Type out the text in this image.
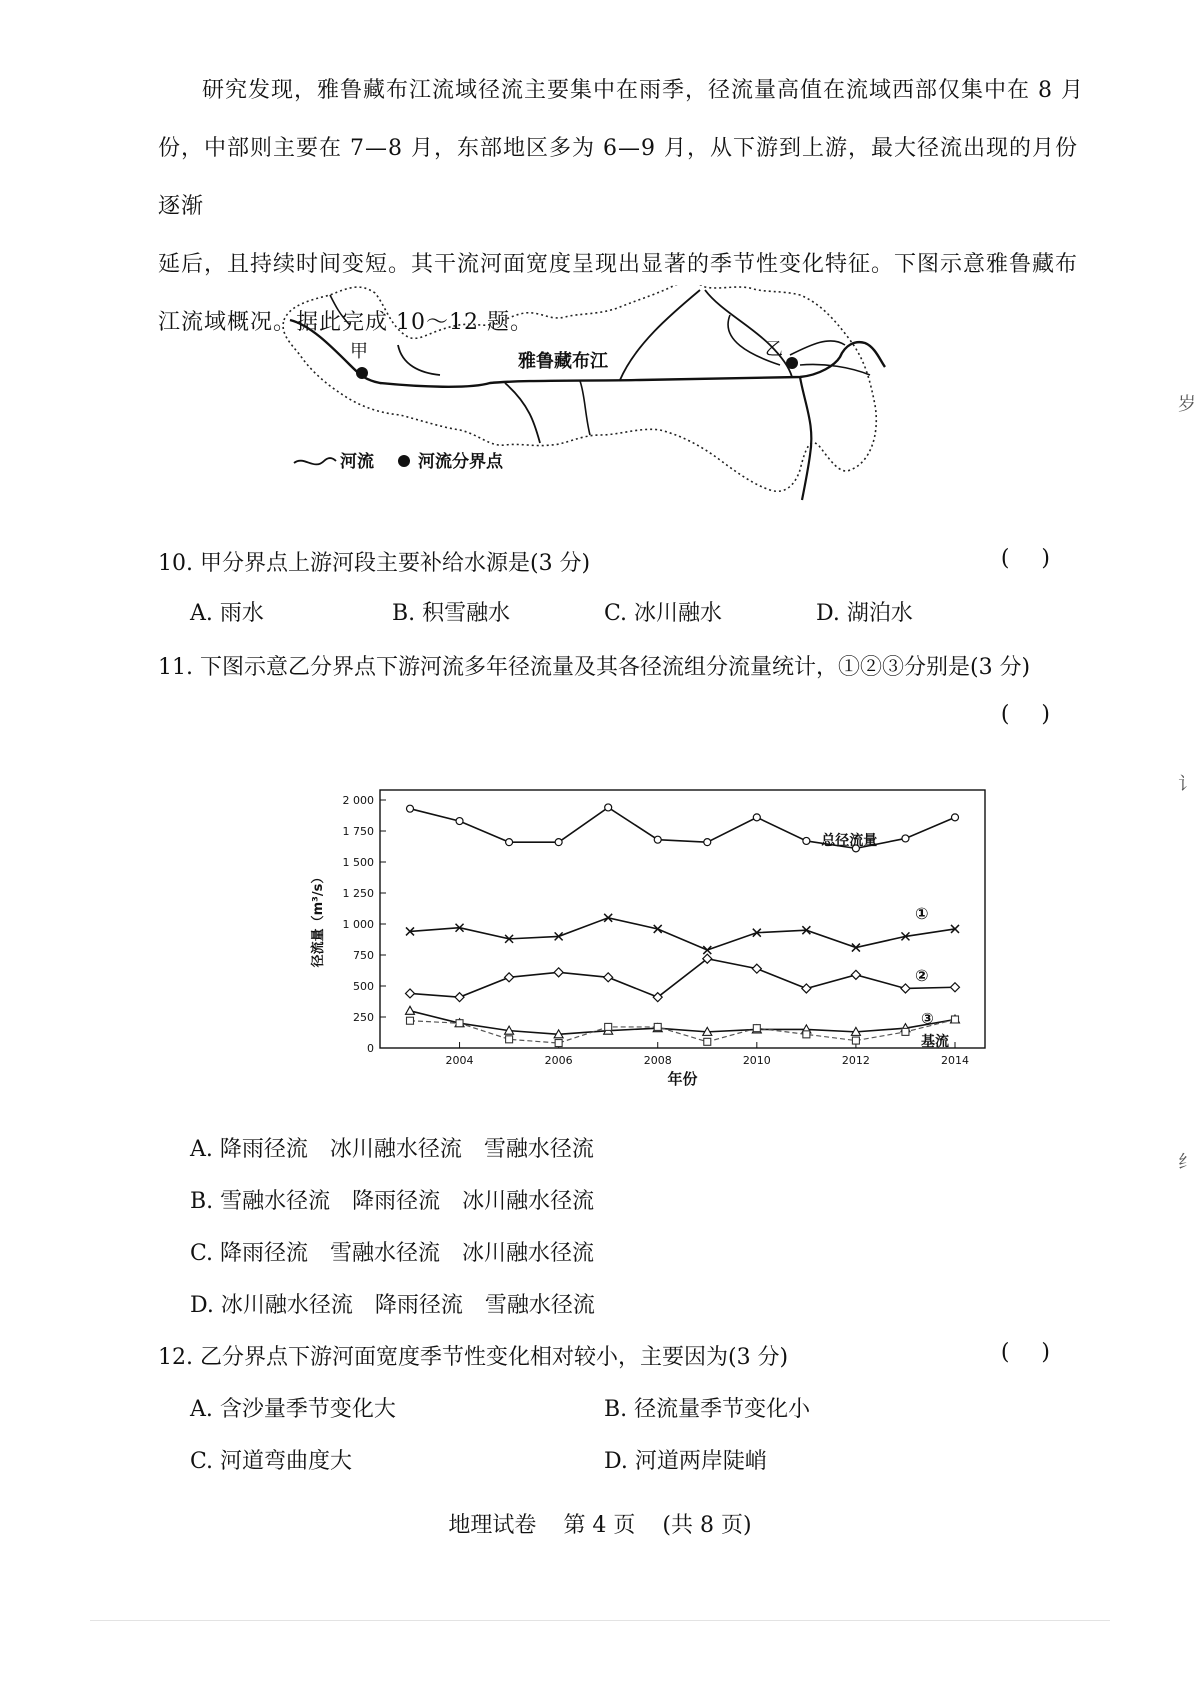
研究发现，雅鲁藏布江流域径流主要集中在雨季，径流量高值在流域西部仅集中在 8 月

份，中部则主要在 7—8 月，东部地区多为 6—9 月，从下游到上游，最大径流出现的月份逐渐

延后，且持续时间变短。其干流河面宽度呈现出显著的季节性变化特征。下图示意雅鲁藏布

江流域概况。据此完成 10～12 题。

甲	乙
雅鲁藏布江
河流	河流分界点
10. 甲分界点上游河段主要补给水源是(3 分)	()
A. 雨水	B. 积雪融水	C. 冰川融水	D. 湖泊水
11. 下图示意乙分界点下游河流多年径流量及其各径流组分流量统计，①②③分别是(3 分)
()
0
250
500
750
1 000
1 250
1 500
1 750
2 000
2004	2006	2008	2010	2012	2014
年份
径流量（m³/s）
总径流量
①
②
③
基流
A. 降雨径流　冰川融水径流　雪融水径流
B. 雪融水径流　降雨径流　冰川融水径流
C. 降雨径流　雪融水径流　冰川融水径流
D. 冰川融水径流　降雨径流　雪融水径流
12. 乙分界点下游河面宽度季节性变化相对较小，主要因为(3 分)	()
A. 含沙量季节变化大	B. 径流量季节变化小
C. 河道弯曲度大	D. 河道两岸陡峭
地理试卷 第 4 页 (共 8 页)
岁
讠
纟
